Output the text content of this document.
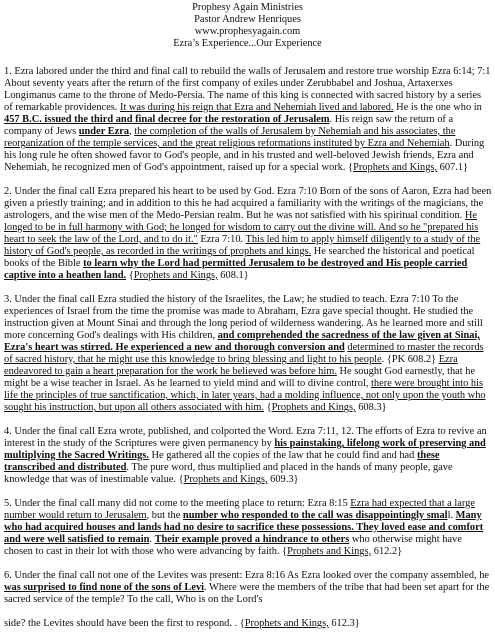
Prophesy Again Ministries
Pastor Andrew Henriques
www.prophesyagain.com
Ezra’s Experience...Our Experience

1. Ezra labored under the third and final call to rebuild the walls of Jerusalem and restore true worship Ezra 6:14; 7:1 About seventy years after the return of the first company of exiles under Zerubbabel and Joshua, Artaxerxes Longimanus came to the throne of Medo-Persia. The name of this king is connected with sacred history by a series of remarkable providences. It was during his reign that Ezra and Nehemiah lived and labored. He is the one who in 457 B.C. issued the third and final decree for the restoration of Jerusalem. His reign saw the return of a company of Jews under Ezra, the completion of the walls of Jerusalem by Nehemiah and his associates, the reorganization of the temple services, and the great religious reformations instituted by Ezra and Nehemiah. During his long rule he often showed favor to God's people, and in his trusted and well-beloved Jewish friends, Ezra and Nehemiah, he recognized men of God's appointment, raised up for a special work. {Prophets and Kings, 607.1}

2. Under the final call Ezra prepared his heart to be used by God. Ezra 7:10 Born of the sons of Aaron, Ezra had been given a priestly training; and in addition to this he had acquired a familiarity with the writings of the magicians, the astrologers, and the wise men of the Medo-Persian realm. But he was not satisfied with his spiritual condition. He longed to be in full harmony with God; he longed for wisdom to carry out the divine will. And so he "prepared his heart to seek the law of the Lord, and to do it." Ezra 7:10. This led him to apply himself diligently to a study of the history of God's people, as recorded in the writings of prophets and kings. He searched the historical and poetical books of the Bible to learn why the Lord had permitted Jerusalem to be destroyed and His people carried captive into a heathen land. {Prophets and Kings, 608.1}

3. Under the final call Ezra studied the history of the Israelites, the Law; he studied to teach. Ezra 7:10 To the experiences of Israel from the time the promise was made to Abraham, Ezra gave special thought. He studied the instruction given at Mount Sinai and through the long period of wilderness wandering. As he learned more and still more concerning God's dealings with His children, and comprehended the sacredness of the law given at Sinai, Ezra's heart was stirred. He experienced a new and thorough conversion and determined to master the records of sacred history, that he might use this knowledge to bring blessing and light to his people. {PK 608.2} Ezra endeavored to gain a heart preparation for the work he believed was before him. He sought God earnestly, that he might be a wise teacher in Israel. As he learned to yield mind and will to divine control, there were brought into his life the principles of true sanctification, which, in later years, had a molding influence, not only upon the youth who sought his instruction, but upon all others associated with him. {Prophets and Kings, 608.3}

4. Under the final call Ezra wrote, published, and colported the Word. Ezra 7:11, 12. The efforts of Ezra to revive an interest in the study of the Scriptures were given permanency by his painstaking, lifelong work of preserving and multiplying the Sacred Writings. He gathered all the copies of the law that he could find and had these transcribed and distributed. The pure word, thus multiplied and placed in the hands of many people, gave knowledge that was of inestimable value. {Prophets and Kings, 609.3}

5. Under the final call many did not come to the meeting place to return: Ezra 8:15 Ezra had expected that a large number would return to Jerusalem, but the number who responded to the call was disappointingly small. Many who had acquired houses and lands had no desire to sacrifice these possessions. They loved ease and comfort and were well satisfied to remain. Their example proved a hindrance to others who otherwise might have chosen to cast in their lot with those who were advancing by faith. {Prophets and Kings, 612.2}

6. Under the final call not one of the Levites was present: Ezra 8:16 As Ezra looked over the company assembled, he was surprised to find none of the sons of Levi. Where were the members of the tribe that had been set apart for the sacred service of the temple? To the call, Who is on the Lord's

side? the Levites should have been the first to respond. . {Prophets and Kings, 612.3}
